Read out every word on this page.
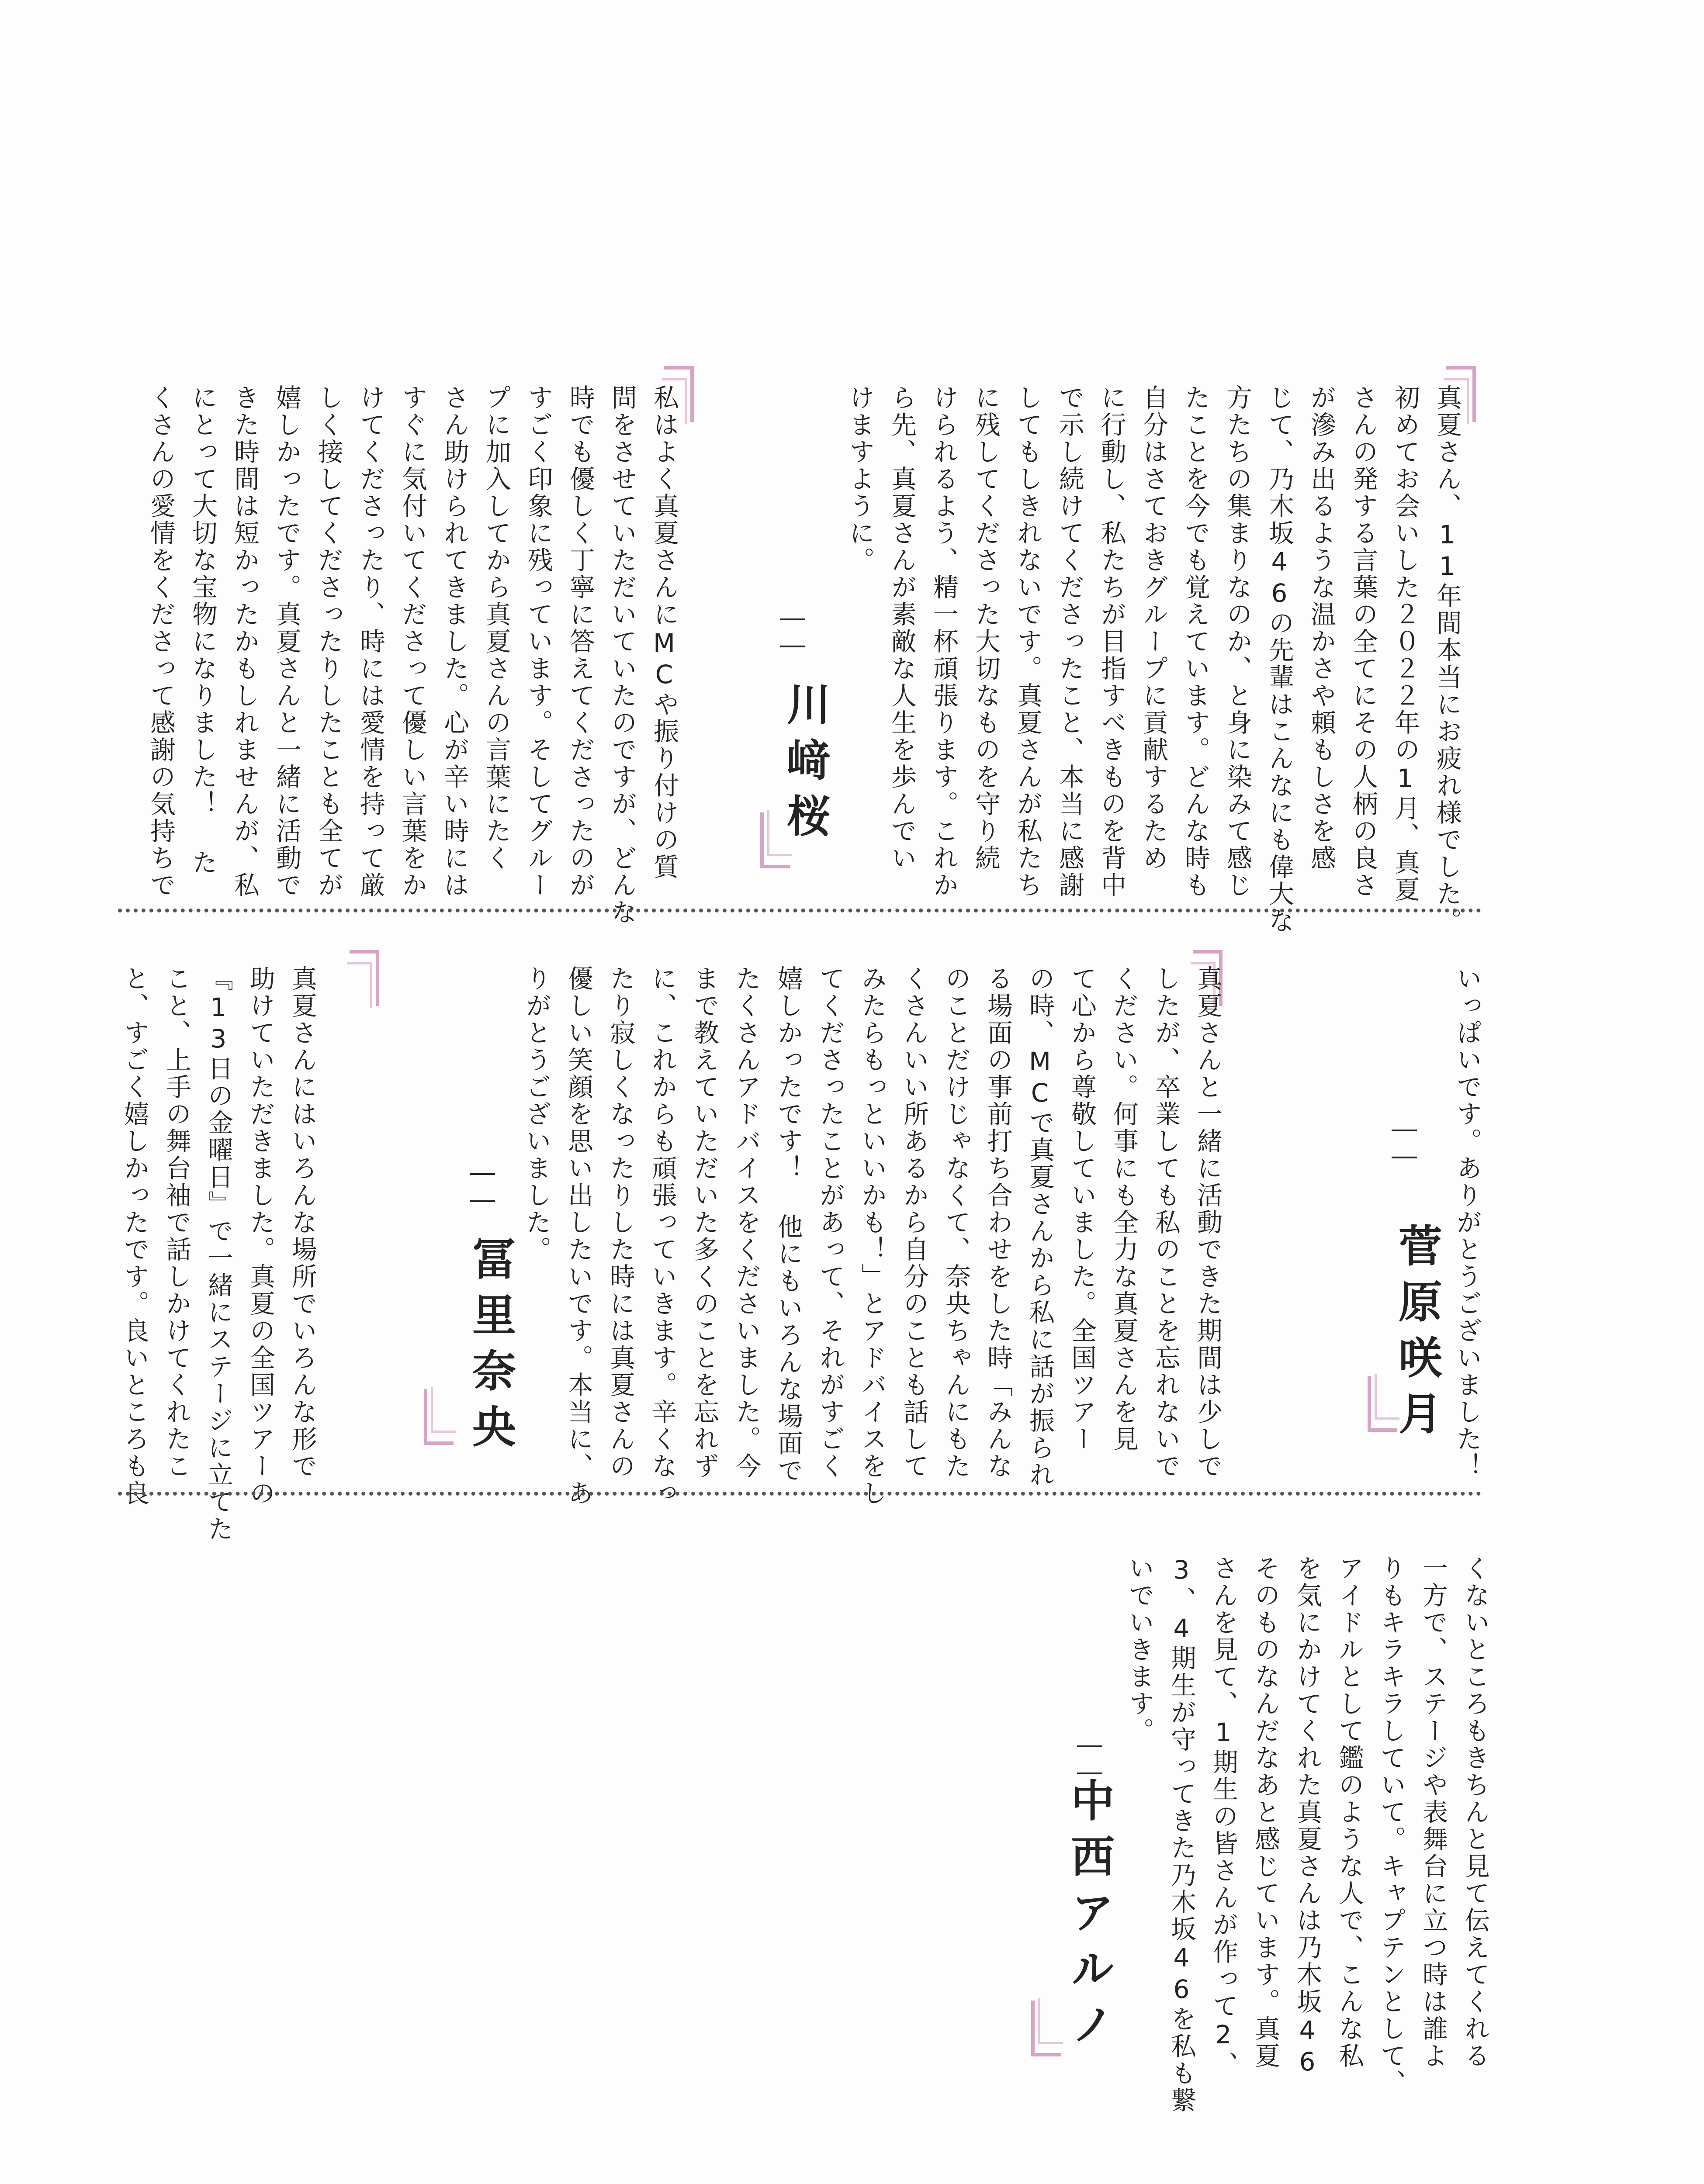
真夏さん、11年間本当にお疲れ様でした。
初めてお会いした２０２２年の1月、真夏
さんの発する言葉の全てにその人柄の良さ
が滲み出るような温かさや頼もしさを感
じて、乃木坂46の先輩はこんなにも偉大な
方たちの集まりなのか、と身に染みて感じ
たことを今でも覚えています。どんな時も
自分はさておきグループに貢献するため
に行動し、私たちが目指すべきものを背中
で示し続けてくださったこと、本当に感謝
してもしきれないです。真夏さんが私たち
に残してくださった大切なものを守り続
けられるよう、精一杯頑張ります。これか
ら先、真夏さんが素敵な人生を歩んでい
けますように。
――
川﨑桜
私はよく真夏さんにMCや振り付けの質
問をさせていただいていたのですが、どんな
時でも優しく丁寧に答えてくださったのが
すごく印象に残っています。そしてグルー
プに加入してから真夏さんの言葉にたく
さん助けられてきました。心が辛い時には
すぐに気付いてくださって優しい言葉をか
けてくださったり、時には愛情を持って厳
しく接してくださったりしたことも全てが
嬉しかったです。真夏さんと一緒に活動で
きた時間は短かったかもしれませんが、私
にとって大切な宝物になりました！ た
くさんの愛情をくださって感謝の気持ちで
いっぱいです。ありがとうございました！
――
菅原咲月
真夏さんと一緒に活動できた期間は少しで
したが、卒業しても私のことを忘れないで
ください。何事にも全力な真夏さんを見
て心から尊敬していました。全国ツアー
の時、MCで真夏さんから私に話が振られ
る場面の事前打ち合わせをした時「みんな
のことだけじゃなくて、奈央ちゃんにもた
くさんいい所あるから自分のことも話して
みたらもっといいかも！」とアドバイスをし
てくださったことがあって、それがすごく
嬉しかったです！ 他にもいろんな場面で
たくさんアドバイスをくださいました。今
まで教えていただいた多くのことを忘れず
に、これからも頑張っていきます。辛くなっ
たり寂しくなったりした時には真夏さんの
優しい笑顔を思い出したいです。本当に、あ
りがとうございました。
――
冨里奈央
真夏さんにはいろんな場所でいろんな形で
助けていただきました。真夏の全国ツアーの
『13日の金曜日』で一緒にステージに立てた
こと、上手の舞台袖で話しかけてくれたこ
と、すごく嬉しかったです。良いところも良
くないところもきちんと見て伝えてくれる
一方で、ステージや表舞台に立つ時は誰よ
りもキラキラしていて。キャプテンとして、
アイドルとして鑑のような人で、こんな私
を気にかけてくれた真夏さんは乃木坂46
そのものなんだなあと感じています。真夏
さんを見て、1期生の皆さんが作って2、
3、4期生が守ってきた乃木坂46を私も繋
いでいきます。
――
中西アルノ
